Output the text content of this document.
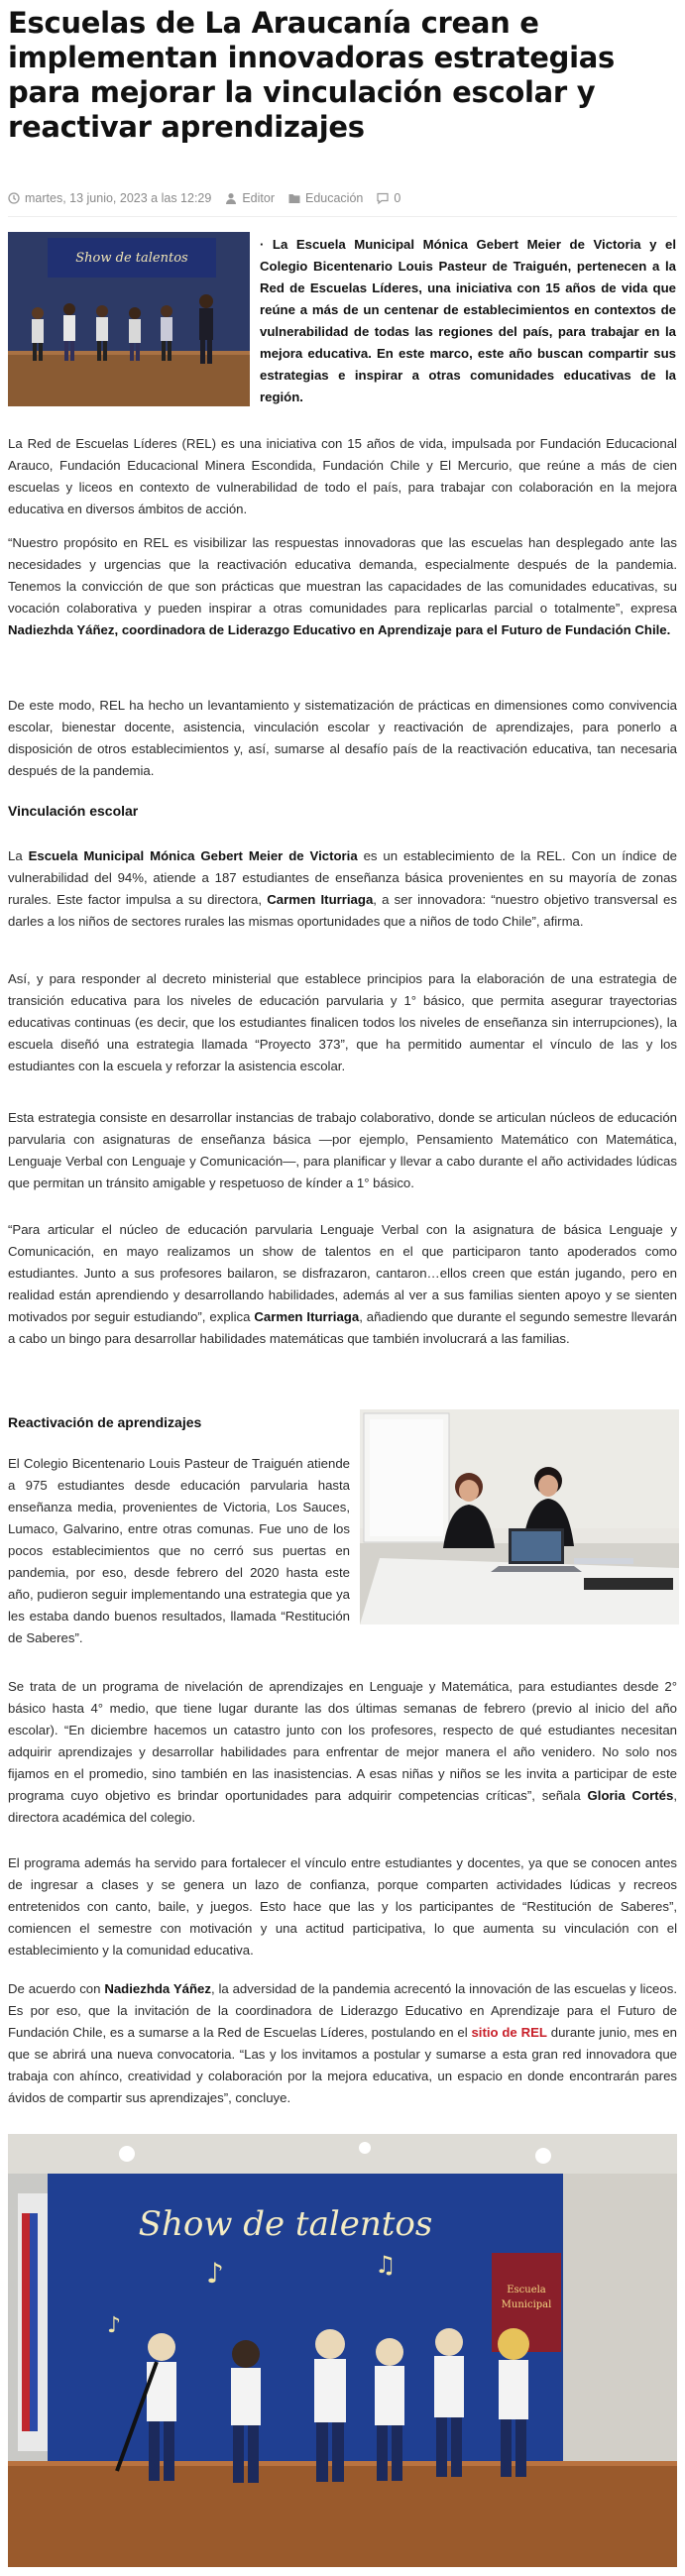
Escuelas de La Araucanía crean e implementan innovadoras estrategias para mejorar la vinculación escolar y reactivar aprendizajes
martes, 13 junio, 2023 a las 12:29 Editor Educación 0
Show de talentos

· La Escuela Municipal Mónica Gebert Meier de Victoria y el Colegio Bicentenario Louis Pasteur de Traiguén, pertenecen a la Red de Escuelas Líderes, una iniciativa con 15 años de vida que reúne a más de un centenar de establecimientos en contextos de vulnerabilidad de todas las regiones del país, para trabajar en la mejora educativa. En este marco, este año buscan compartir sus estrategias e inspirar a otras comunidades educativas de la región.

La Red de Escuelas Líderes (REL) es una iniciativa con 15 años de vida, impulsada por Fundación Educacional Arauco, Fundación Educacional Minera Escondida, Fundación Chile y El Mercurio, que reúne a más de cien escuelas y liceos en contexto de vulnerabilidad de todo el país, para trabajar con colaboración en la mejora educativa en diversos ámbitos de acción.

“Nuestro propósito en REL es visibilizar las respuestas innovadoras que las escuelas han desplegado ante las necesidades y urgencias que la reactivación educativa demanda, especialmente después de la pandemia. Tenemos la convicción de que son prácticas que muestran las capacidades de las comunidades educativas, su vocación colaborativa y pueden inspirar a otras comunidades para replicarlas parcial o totalmente”, expresa Nadiezhda Yáñez, coordinadora de Liderazgo Educativo en Aprendizaje para el Futuro de Fundación Chile.

De este modo, REL ha hecho un levantamiento y sistematización de prácticas en dimensiones como convivencia escolar, bienestar docente, asistencia, vinculación escolar y reactivación de aprendizajes, para ponerlo a disposición de otros establecimientos y, así, sumarse al desafío país de la reactivación educativa, tan necesaria después de la pandemia.

Vinculación escolar

La Escuela Municipal Mónica Gebert Meier de Victoria es un establecimiento de la REL. Con un índice de vulnerabilidad del 94%, atiende a 187 estudiantes de enseñanza básica provenientes en su mayoría de zonas rurales. Este factor impulsa a su directora, Carmen Iturriaga, a ser innovadora: “nuestro objetivo transversal es darles a los niños de sectores rurales las mismas oportunidades que a niños de todo Chile”, afirma.

Así, y para responder al decreto ministerial que establece principios para la elaboración de una estrategia de transición educativa para los niveles de educación parvularia y 1° básico, que permita asegurar trayectorias educativas continuas (es decir, que los estudiantes finalicen todos los niveles de enseñanza sin interrupciones), la escuela diseñó una estrategia llamada “Proyecto 373”, que ha permitido aumentar el vínculo de las y los estudiantes con la escuela y reforzar la asistencia escolar.

Esta estrategia consiste en desarrollar instancias de trabajo colaborativo, donde se articulan núcleos de educación parvularia con asignaturas de enseñanza básica —por ejemplo, Pensamiento Matemático con Matemática, Lenguaje Verbal con Lenguaje y Comunicación—, para planificar y llevar a cabo durante el año actividades lúdicas que permitan un tránsito amigable y respetuoso de kínder a 1° básico.

“Para articular el núcleo de educación parvularia Lenguaje Verbal con la asignatura de básica Lenguaje y Comunicación, en mayo realizamos un show de talentos en el que participaron tanto apoderados como estudiantes. Junto a sus profesores bailaron, se disfrazaron, cantaron…ellos creen que están jugando, pero en realidad están aprendiendo y desarrollando habilidades, además al ver a sus familias sienten apoyo y se sienten motivados por seguir estudiando”, explica Carmen Iturriaga, añadiendo que durante el segundo semestre llevarán a cabo un bingo para desarrollar habilidades matemáticas que también involucrará a las familias.

Reactivación de aprendizajes

El Colegio Bicentenario Louis Pasteur de Traiguén atiende a 975 estudiantes desde educación parvularia hasta enseñanza media, provenientes de Victoria, Los Sauces, Lumaco, Galvarino, entre otras comunas. Fue uno de los pocos establecimientos que no cerró sus puertas en pandemia, por eso, desde febrero del 2020 hasta este año, pudieron seguir implementando una estrategia que ya les estaba dando buenos resultados, llamada “Restitución de Saberes”.

Se trata de un programa de nivelación de aprendizajes en Lenguaje y Matemática, para estudiantes desde 2° básico hasta 4° medio, que tiene lugar durante las dos últimas semanas de febrero (previo al inicio del año escolar). “En diciembre hacemos un catastro junto con los profesores, respecto de qué estudiantes necesitan adquirir aprendizajes y desarrollar habilidades para enfrentar de mejor manera el año venidero. No solo nos fijamos en el promedio, sino también en las inasistencias. A esas niñas y niños se les invita a participar de este programa cuyo objetivo es brindar oportunidades para adquirir competencias críticas”, señala Gloria Cortés, directora académica del colegio.

El programa además ha servido para fortalecer el vínculo entre estudiantes y docentes, ya que se conocen antes de ingresar a clases y se genera un lazo de confianza, porque comparten actividades lúdicas y recreos entretenidos con canto, baile, y juegos. Esto hace que las y los participantes de “Restitución de Saberes”, comiencen el semestre con motivación y una actitud participativa, lo que aumenta su vinculación con el establecimiento y la comunidad educativa.

De acuerdo con Nadiezhda Yáñez, la adversidad de la pandemia acrecentó la innovación de las escuelas y liceos. Es por eso, que la invitación de la coordinadora de Liderazgo Educativo en Aprendizaje para el Futuro de Fundación Chile, es a sumarse a la Red de Escuelas Líderes, postulando en el sitio de REL durante junio, mes en que se abrirá una nueva convocatoria. “Las y los invitamos a postular y sumarse a esta gran red innovadora que trabaja con ahínco, creatividad y colaboración por la mejora educativa, un espacio en donde encontrarán pares ávidos de compartir sus aprendizajes”, concluye.

Escuela
Municipal
Show de talentos
♪	♫
♪
